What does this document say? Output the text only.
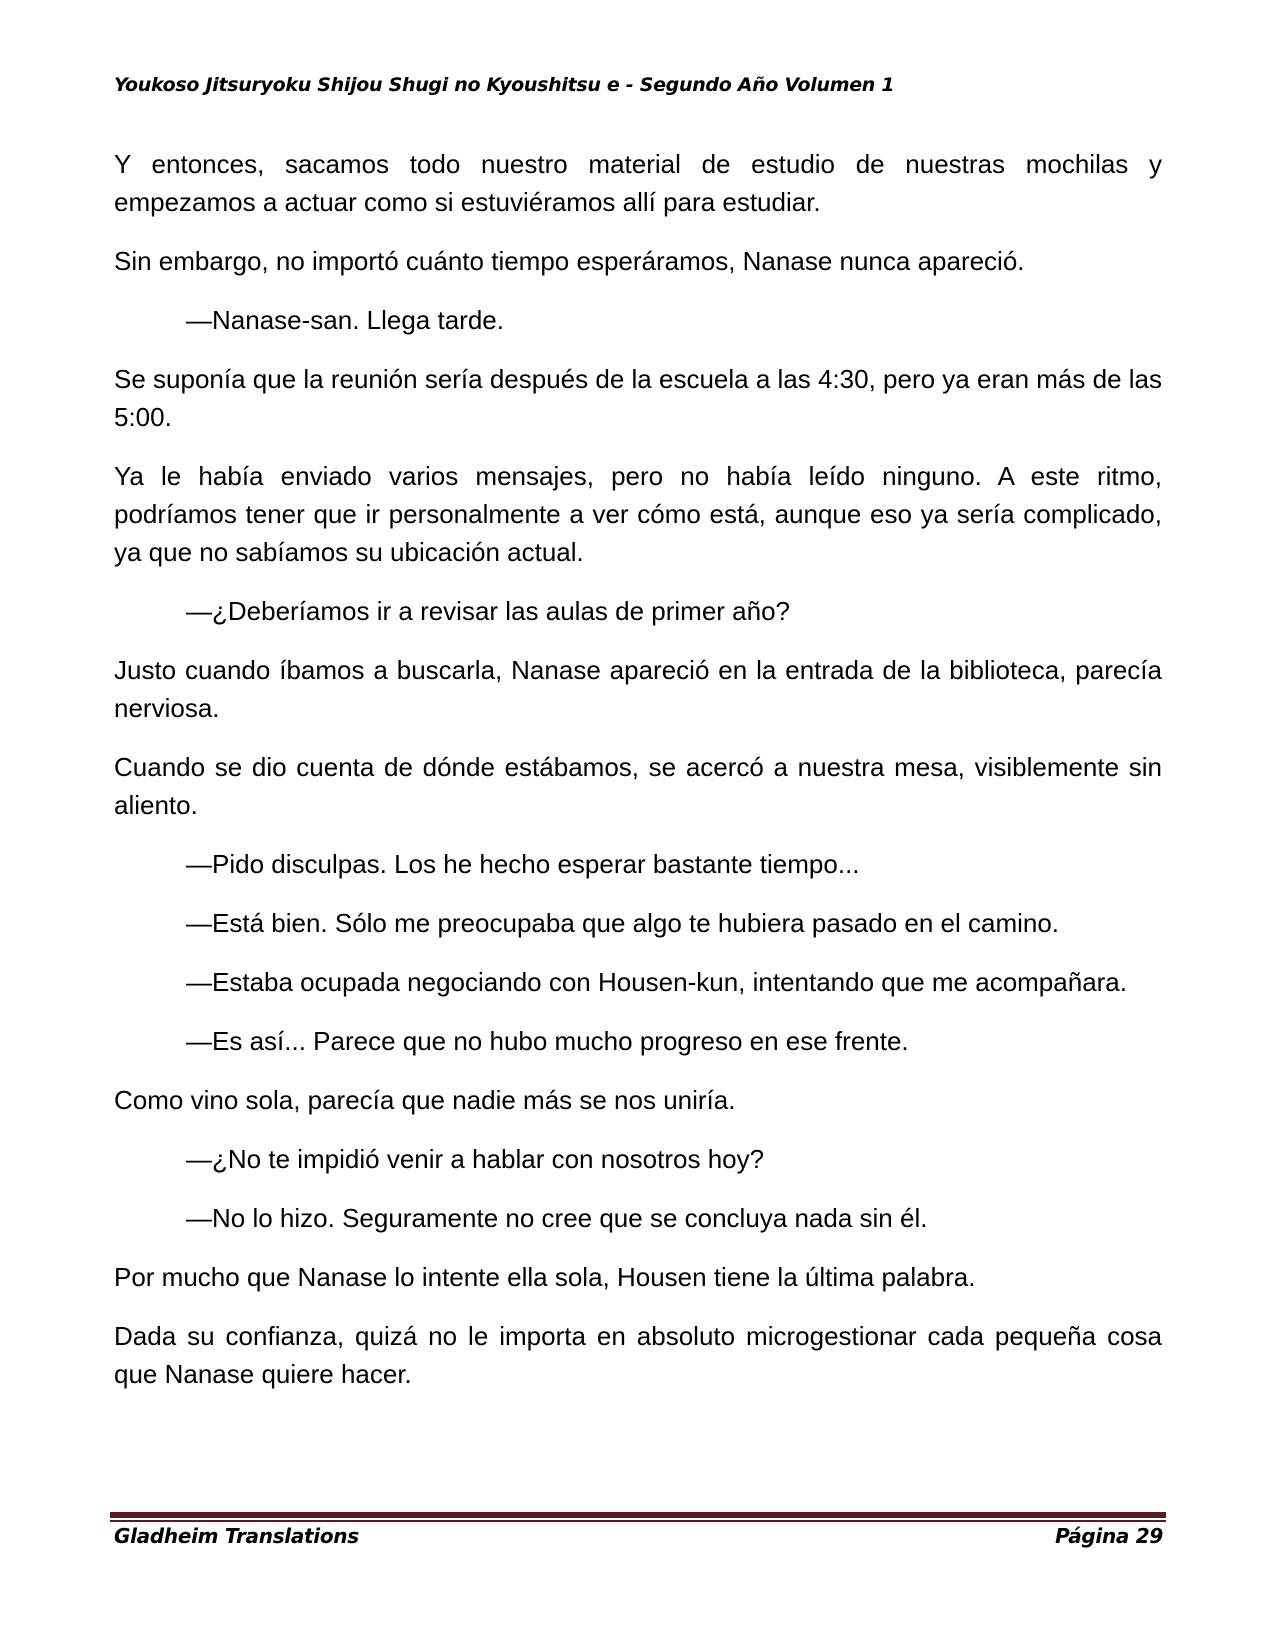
Youkoso Jitsuryoku Shijou Shugi no Kyoushitsu e - Segundo Año Volumen 1

Y entonces, sacamos todo nuestro material de estudio de nuestras mochilas y empezamos a actuar como si estuviéramos allí para estudiar.

Sin embargo, no importó cuánto tiempo esperáramos, Nanase nunca apareció.

—Nanase-san. Llega tarde.

Se suponía que la reunión sería después de la escuela a las 4:30, pero ya eran más de las 5:00.

Ya le había enviado varios mensajes, pero no había leído ninguno. A este ritmo, podríamos tener que ir personalmente a ver cómo está, aunque eso ya sería complicado, ya que no sabíamos su ubicación actual.

—¿Deberíamos ir a revisar las aulas de primer año?

Justo cuando íbamos a buscarla, Nanase apareció en la entrada de la biblioteca, parecía nerviosa.

Cuando se dio cuenta de dónde estábamos, se acercó a nuestra mesa, visiblemente sin aliento.

—Pido disculpas. Los he hecho esperar bastante tiempo...

—Está bien. Sólo me preocupaba que algo te hubiera pasado en el camino.

—Estaba ocupada negociando con Housen-kun, intentando que me acompañara.

—Es así... Parece que no hubo mucho progreso en ese frente.

Como vino sola, parecía que nadie más se nos uniría.

—¿No te impidió venir a hablar con nosotros hoy?

—No lo hizo. Seguramente no cree que se concluya nada sin él.

Por mucho que Nanase lo intente ella sola, Housen tiene la última palabra.

Dada su confianza, quizá no le importa en absoluto microgestionar cada pequeña cosa que Nanase quiere hacer.

Gladheim Translations	Página 29
